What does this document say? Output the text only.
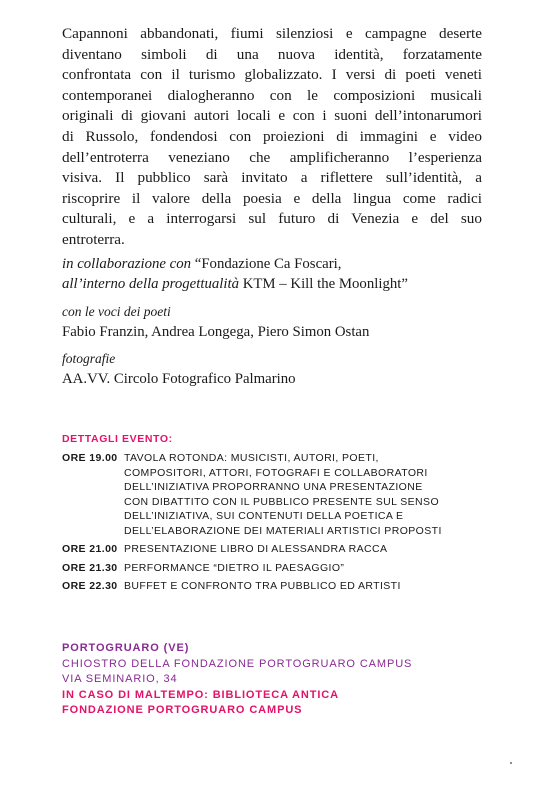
Capannoni abbandonati, fiumi silenziosi e campagne deserte
diventano simboli di una nuova identità, forzatamente
confrontata con il turismo globalizzato. I versi di poeti veneti
contemporanei dialogheranno con le composizioni musicali
originali di giovani autori locali e con i suoni dell’intonarumori
di Russolo, fondendosi con proiezioni di immagini e video
dell’entroterra veneziano che amplificheranno l’esperienza
visiva. Il pubblico sarà invitato a riflettere sull’identità, a
riscoprire il valore della poesia e della lingua come radici
culturali, e a interrogarsi sul futuro di Venezia e del suo
entroterra.
in collaborazione con “Fondazione Ca Foscari,
all’interno della progettualità KTM – Kill the Moonlight”
con le voci dei poeti
Fabio Franzin, Andrea Longega, Piero Simon Ostan
fotografie
AA.VV. Circolo Fotografico Palmarino
DETTAGLI EVENTO:
ORE 19.00 TAVOLA ROTONDA: MUSICISTI, AUTORI, POETI, COMPOSITORI, ATTORI, FOTOGRAFI E COLLABORATORI DELL’INIZIATIVA PROPORRANNO UNA PRESENTAZIONE CON DIBATTITO CON IL PUBBLICO PRESENTE SUL SENSO DELL’INIZIATIVA, SUI CONTENUTI DELLA POETICA E DELL’ELABORAZIONE DEI MATERIALI ARTISTICI PROPOSTI
ORE 21.00 PRESENTAZIONE LIBRO DI ALESSANDRA RACCA
ORE 21.30 PERFORMANCE “DIETRO IL PAESAGGIO”
ORE 22.30 BUFFET E CONFRONTO TRA PUBBLICO ED ARTISTI
PORTOGRUARO (VE)
CHIOSTRO DELLA FONDAZIONE PORTOGRUARO CAMPUS
VIA SEMINARIO, 34
IN CASO DI MALTEMPO: BIBLIOTECA ANTICA
FONDAZIONE PORTOGRUARO CAMPUS
